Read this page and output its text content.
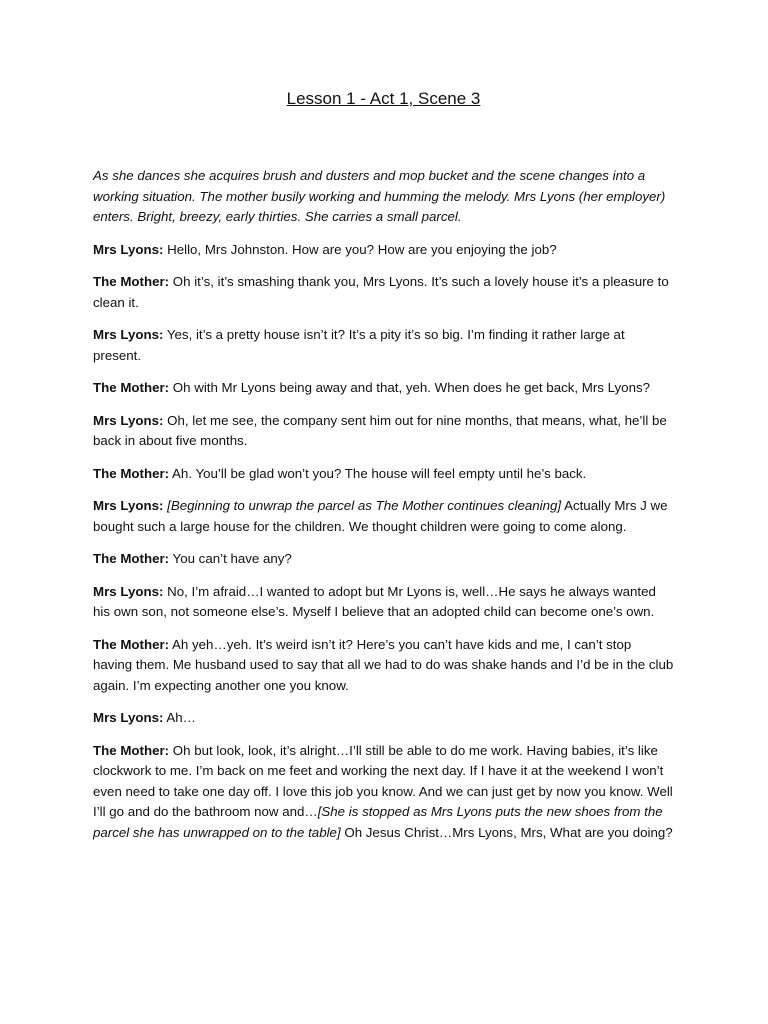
Lesson 1 - Act 1, Scene 3

As she dances she acquires brush and dusters and mop bucket and the scene changes into a working situation. The mother busily working and humming the melody. Mrs Lyons (her employer) enters. Bright, breezy, early thirties. She carries a small parcel.

Mrs Lyons: Hello, Mrs Johnston. How are you? How are you enjoying the job?

The Mother: Oh it’s, it’s smashing thank you, Mrs Lyons. It’s such a lovely house it’s a pleasure to clean it.

Mrs Lyons: Yes, it’s a pretty house isn’t it? It’s a pity it’s so big. I’m finding it rather large at present.

The Mother: Oh with Mr Lyons being away and that, yeh. When does he get back, Mrs Lyons?

Mrs Lyons: Oh, let me see, the company sent him out for nine months, that means, what, he’ll be back in about five months.

The Mother: Ah. You’ll be glad won’t you? The house will feel empty until he’s back.

Mrs Lyons: [Beginning to unwrap the parcel as The Mother continues cleaning] Actually Mrs J we bought such a large house for the children. We thought children were going to come along.

The Mother: You can’t have any?

Mrs Lyons: No, I’m afraid…I wanted to adopt but Mr Lyons is, well…He says he always wanted his own son, not someone else’s. Myself I believe that an adopted child can become one’s own.

The Mother: Ah yeh…yeh. It’s weird isn’t it? Here’s you can’t have kids and me, I can’t stop having them. Me husband used to say that all we had to do was shake hands and I’d be in the club again. I’m expecting another one you know.

Mrs Lyons: Ah…

The Mother: Oh but look, look, it’s alright…I’ll still be able to do me work. Having babies, it’s like clockwork to me. I’m back on me feet and working the next day. If I have it at the weekend I won’t even need to take one day off. I love this job you know. And we can just get by now you know. Well I’ll go and do the bathroom now and…[She is stopped as Mrs Lyons puts the new shoes from the parcel she has unwrapped on to the table] Oh Jesus Christ…Mrs Lyons, Mrs, What are you doing?
